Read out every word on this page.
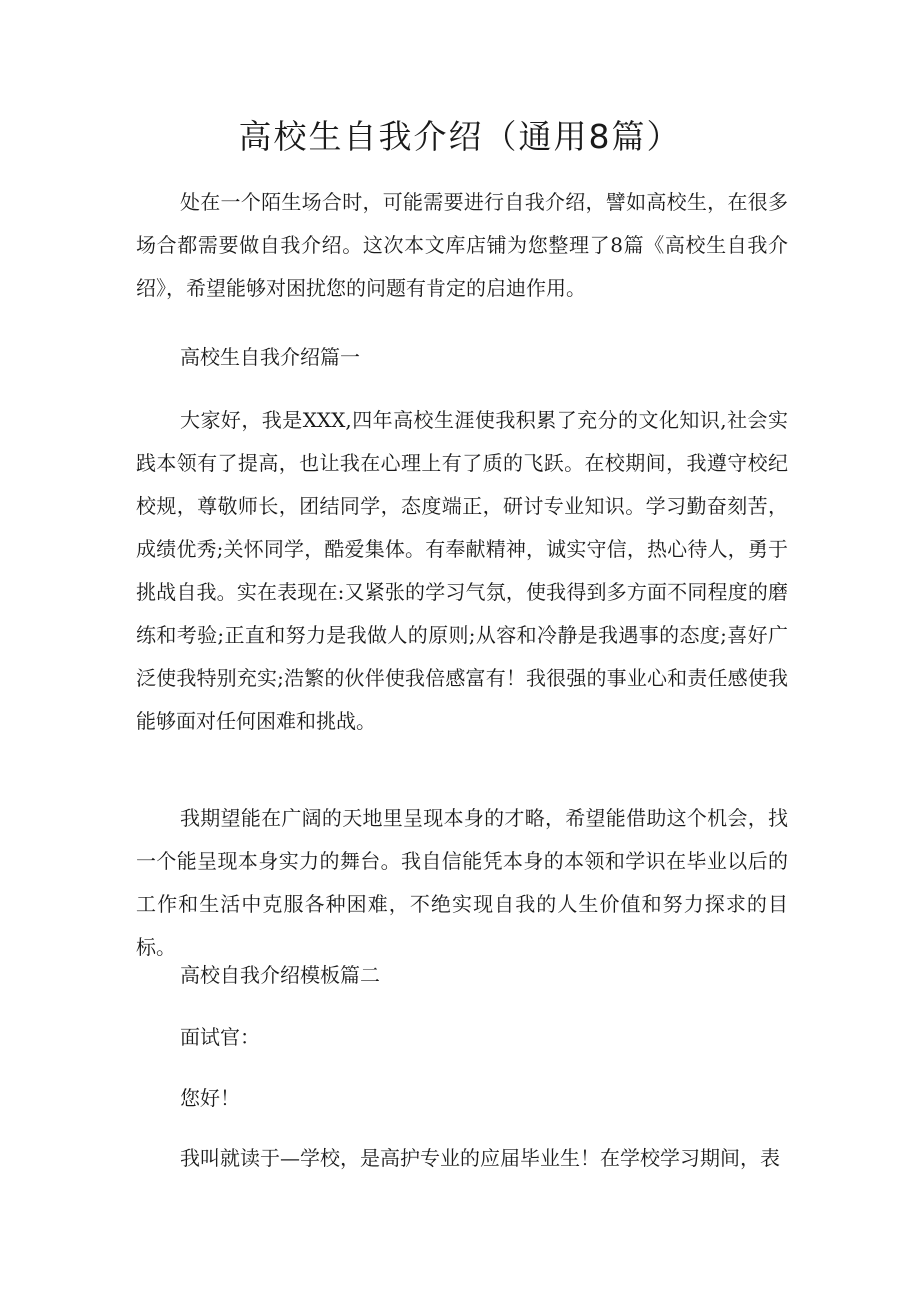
高校生自我介绍（通用8篇）

处在一个陌生场合时，可能需要进行自我介绍，譬如高校生，在很多场合都需要做自我介绍。这次本文库店铺为您整理了8篇《高校生自我介绍》，希望能够对困扰您的问题有肯定的启迪作用。

高校生自我介绍篇一

大家好，我是XXX,四年高校生涯使我积累了充分的文化知识,社会实践本领有了提高，也让我在心理上有了质的飞跃。在校期间，我遵守校纪校规，尊敬师长，团结同学，态度端正，研讨专业知识。学习勤奋刻苦，成绩优秀;关怀同学，酷爱集体。有奉献精神，诚实守信，热心待人，勇于挑战自我。实在表现在:又紧张的学习气氛，使我得到多方面不同程度的磨练和考验;正直和努力是我做人的原则;从容和冷静是我遇事的态度;喜好广泛使我特别充实;浩繁的伙伴使我倍感富有！我很强的事业心和责任感使我能够面对任何困难和挑战。

我期望能在广阔的天地里呈现本身的才略，希望能借助这个机会，找一个能呈现本身实力的舞台。我自信能凭本身的本领和学识在毕业以后的工作和生活中克服各种困难，不绝实现自我的人生价值和努力探求的目标。

高校自我介绍模板篇二

面试官：

您好！

我叫就读于—学校，是高护专业的应届毕业生！在学校学习期间，表
